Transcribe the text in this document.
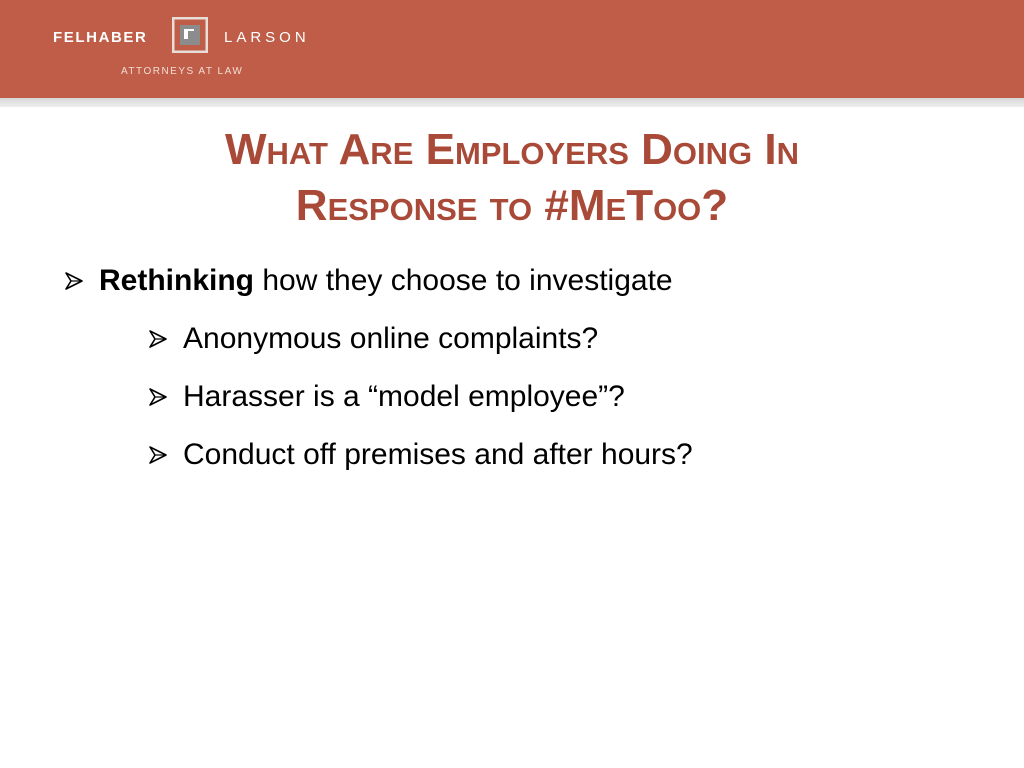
FELHABER	LARSON
ATTORNEYS AT LAW
What Are Employers Doing In
Response to #MeToo?
Rethinking how they choose to investigate
Anonymous online complaints?
Harasser is a “model employee”?
Conduct off premises and after hours?
